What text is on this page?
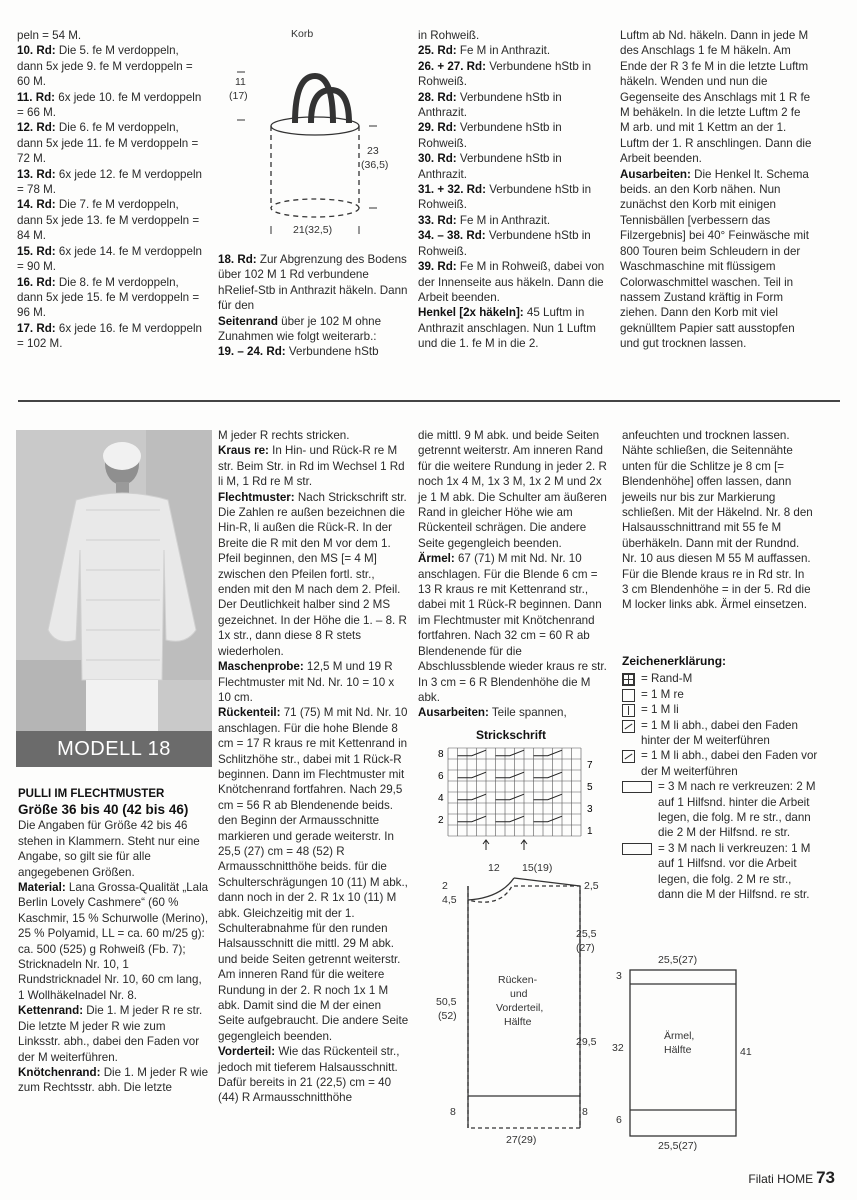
peln = 54 M.

10. Rd: Die 5. fe M verdoppeln, dann 5x jede 9. fe M verdoppeln = 60 M.

11. Rd: 6x jede 10. fe M verdoppeln = 66 M.

12. Rd: Die 6. fe M verdoppeln, dann 5x jede 11. fe M verdoppeln = 72 M.

13. Rd: 6x jede 12. fe M verdoppeln = 78 M.

14. Rd: Die 7. fe M verdoppeln, dann 5x jede 13. fe M verdoppeln = 84 M.

15. Rd: 6x jede 14. fe M verdoppeln = 90 M.

16. Rd: Die 8. fe M verdoppeln, dann 5x jede 15. fe M verdoppeln = 96 M.

17. Rd: 6x jede 16. fe M verdoppeln = 102 M.

Korb
11
(17)
23
(36,5)
21(32,5)

18. Rd: Zur Abgrenzung des Bodens über 102 M 1 Rd verbundene hRelief-Stb in Anthrazit häkeln. Dann für den

Seitenrand über je 102 M ohne Zunahmen wie folgt weiterarb.:

19. – 24. Rd: Verbundene hStb

in Rohweiß.

25. Rd: Fe M in Anthrazit.

26. + 27. Rd: Verbundene hStb in Rohweiß.

28. Rd: Verbundene hStb in Anthrazit.

29. Rd: Verbundene hStb in Rohweiß.

30. Rd: Verbundene hStb in Anthrazit.

31. + 32. Rd: Verbundene hStb in Rohweiß.

33. Rd: Fe M in Anthrazit.

34. – 38. Rd: Verbundene hStb in Rohweiß.

39. Rd: Fe M in Rohweiß, dabei von der Innenseite aus häkeln. Dann die Arbeit beenden.

Henkel [2x häkeln]: 45 Luftm in Anthrazit anschlagen. Nun 1 Luftm und die 1. fe M in die 2.

Luftm ab Nd. häkeln. Dann in jede M des Anschlags 1 fe M häkeln. Am Ende der R 3 fe M in die letzte Luftm häkeln. Wenden und nun die Gegenseite des Anschlags mit 1 R fe M behäkeln. In die letzte Luftm 2 fe M arb. und mit 1 Kettm an der 1. Luftm der 1. R anschlingen. Dann die Arbeit beenden.

Ausarbeiten: Die Henkel lt. Schema beids. an den Korb nähen. Nun zunächst den Korb mit einigen Tennisbällen [verbessern das Filzergebnis] bei 40° Feinwäsche mit 800 Touren beim Schleudern in der Waschmaschine mit flüssigem Colorwaschmittel waschen. Teil in nassem Zustand kräftig in Form ziehen. Dann den Korb mit viel geknülltem Papier satt ausstopfen und gut trocknen lassen.

MODELL 18

PULLI IM FLECHTMUSTER

Größe 36 bis 40 (42 bis 46)

Die Angaben für Größe 42 bis 46 stehen in Klammern. Steht nur eine Angabe, so gilt sie für alle angegebenen Größen.

Material: Lana Grossa-Qualität „Lala Berlin Lovely Cashmere“ (60 % Kaschmir, 15 % Schurwolle (Merino), 25 % Polyamid, LL = ca. 60 m/25 g): ca. 500 (525) g Rohweiß (Fb. 7); Stricknadeln Nr. 10, 1 Rundstricknadel Nr. 10, 60 cm lang, 1 Wollhäkelnadel Nr. 8.

Kettenrand: Die 1. M jeder R re str. Die letzte M jeder R wie zum Linksstr. abh., dabei den Faden vor der M weiterführen.

Knötchenrand: Die 1. M jeder R wie zum Rechtsstr. abh. Die letzte

M jeder R rechts stricken.

Kraus re: In Hin- und Rück-R re M str. Beim Str. in Rd im Wechsel 1 Rd li M, 1 Rd re M str.

Flechtmuster: Nach Strickschrift str. Die Zahlen re außen bezeichnen die Hin-R, li außen die Rück-R. In der Breite die R mit den M vor dem 1. Pfeil beginnen, den MS [= 4 M] zwischen den Pfeilen fortl. str., enden mit den M nach dem 2. Pfeil. Der Deutlichkeit halber sind 2 MS gezeichnet. In der Höhe die 1. – 8. R 1x str., dann diese 8 R stets wiederholen.

Maschenprobe: 12,5 M und 19 R Flechtmuster mit Nd. Nr. 10 = 10 x 10 cm.

Rückenteil: 71 (75) M mit Nd. Nr. 10 anschlagen. Für die hohe Blende 8 cm = 17 R kraus re mit Kettenrand in Schlitzhöhe str., dabei mit 1 Rück-R beginnen. Dann im Flechtmuster mit Knötchenrand fortfahren. Nach 29,5 cm = 56 R ab Blendenende beids. den Beginn der Armausschnitte markieren und gerade weiterstr. In 25,5 (27) cm = 48 (52) R Armausschnitthöhe beids. für die Schulterschrägungen 10 (11) M abk., dann noch in der 2. R 1x 10 (11) M abk. Gleichzeitig mit der 1. Schulterabnahme für den runden Halsausschnitt die mittl. 29 M abk. und beide Seiten getrennt weiterstr. Am inneren Rand für die weitere Rundung in der 2. R noch 1x 1 M abk. Damit sind die M der einen Seite aufgebraucht. Die andere Seite gegengleich beenden.

Vorderteil: Wie das Rückenteil str., jedoch mit tieferem Halsausschnitt. Dafür bereits in 21 (22,5) cm = 40 (44) R Armausschnitthöhe

die mittl. 9 M abk. und beide Seiten getrennt weiterstr. Am inneren Rand für die weitere Rundung in jeder 2. R noch 1x 4 M, 1x 3 M, 1x 2 M und 2x je 1 M abk. Die Schulter am äußeren Rand in gleicher Höhe wie am Rückenteil schrägen. Die andere Seite gegengleich beenden.

Ärmel: 67 (71) M mit Nd. Nr. 10 anschlagen. Für die Blende 6 cm = 13 R kraus re mit Kettenrand str., dabei mit 1 Rück-R beginnen. Dann im Flechtmuster mit Knötchenrand fortfahren. Nach 32 cm = 60 R ab Blendenende für die Abschlussblende wieder kraus re str. In 3 cm = 6 R Blendenhöhe die M abk.

Ausarbeiten: Teile spannen,

Strickschrift
8
6
4
2
7
5
3
1
12 15(19)
2
4,5
2,5
25,5
(27)
50,5
(52)
29,5
8	8
27(29)
Rücken-
und
Vorderteil,
Hälfte
25,5(27)
3
32	41
6
25,5(27)
Ärmel,
Hälfte

anfeuchten und trocknen lassen. Nähte schließen, die Seitennähte unten für die Schlitze je 8 cm [= Blendenhöhe] offen lassen, dann jeweils nur bis zur Markierung schließen. Mit der Häkelnd. Nr. 8 den Halsausschnittrand mit 55 fe M überhäkeln. Dann mit der Rundnd. Nr. 10 aus diesen M 55 M auffassen. Für die Blende kraus re in Rd str. In 3 cm Blendenhöhe = in der 5. Rd die M locker links abk. Ärmel einsetzen.

Zeichenerklärung:

= Rand-M
= 1 M re
= 1 M li
= 1 M li abh., dabei den Faden hinter der M weiterführen
= 1 M li abh., dabei den Faden vor der M weiterführen
= 3 M nach re verkreuzen: 2 M auf 1 Hilfsnd. hinter die Arbeit legen, die folg. M re str., dann die 2 M der Hilfsnd. re str.
= 3 M nach li verkreuzen: 1 M auf 1 Hilfsnd. vor die Arbeit legen, die folg. 2 M re str., dann die M der Hilfsnd. re str.
Filati HOME 73
